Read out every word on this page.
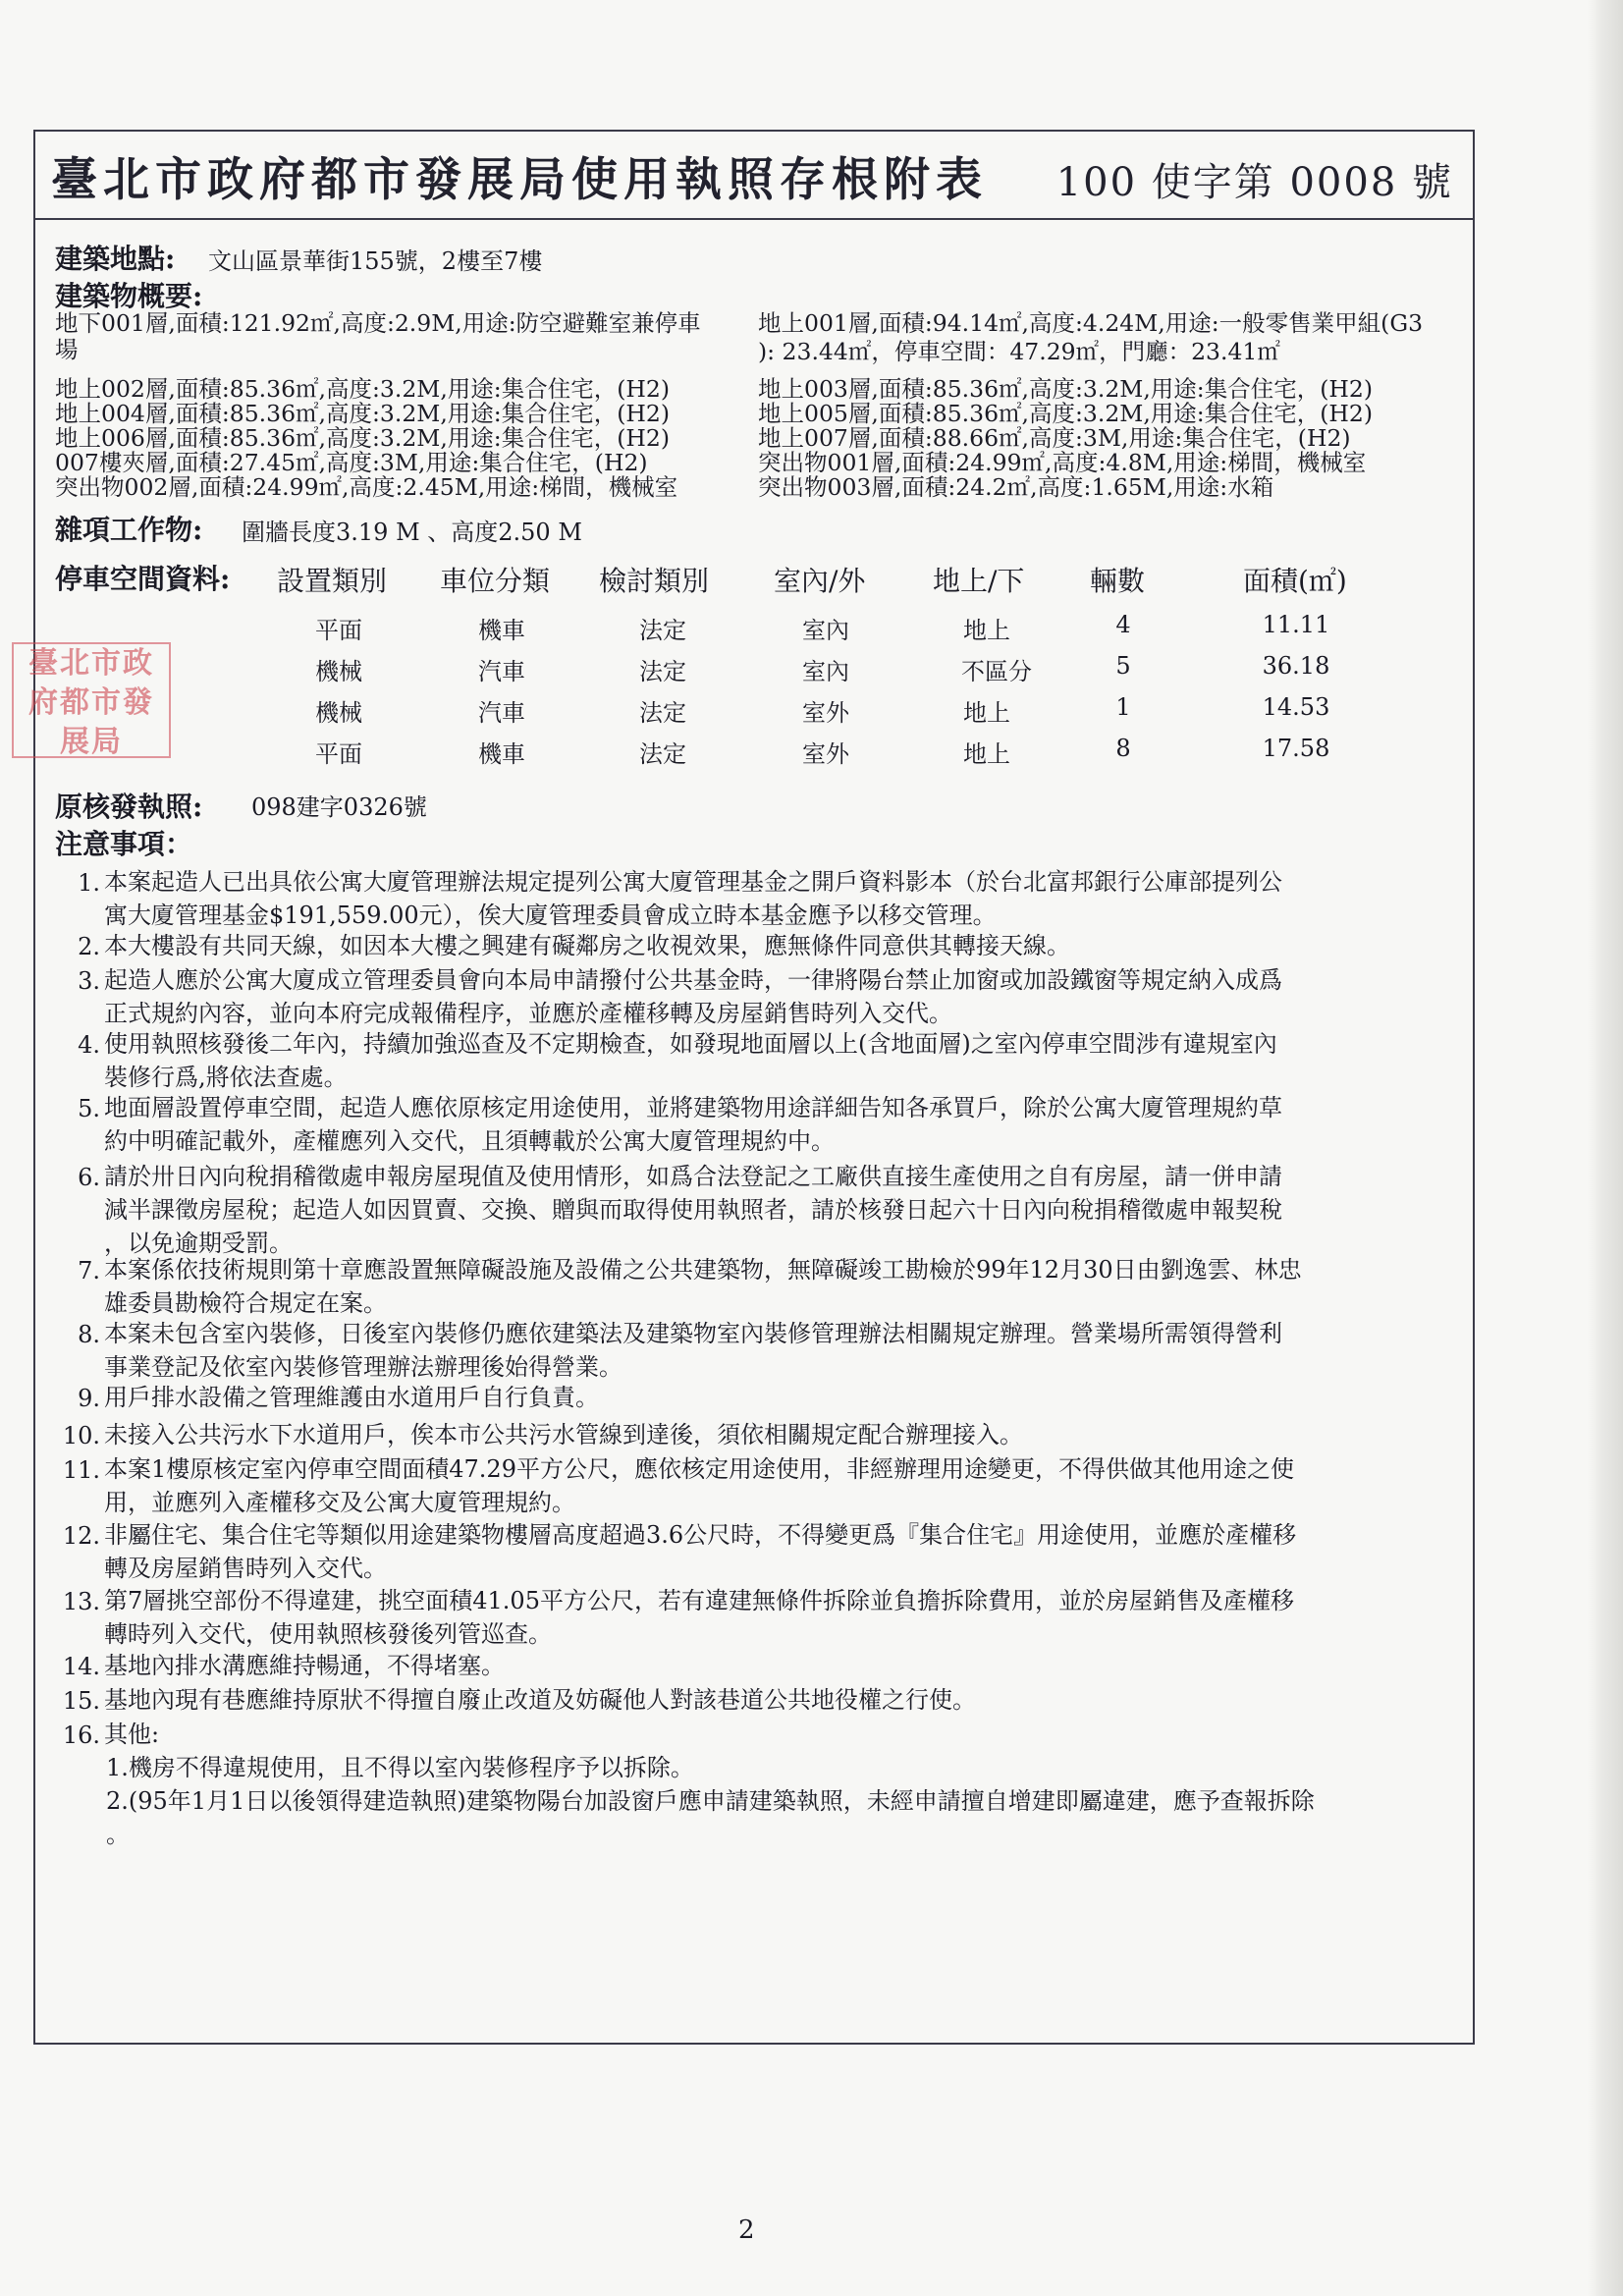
臺北市政府都市發展局使用執照存根附表 100 使字第 0008 號
建築地點: 文山區景華街155號，2樓至7樓
建築物概要:
地下001層,面積:121.92㎡,高度:2.9M,用途:防空避難室兼停車
場
地上002層,面積:85.36㎡,高度:3.2M,用途:集合住宅，(H2)
地上004層,面積:85.36㎡,高度:3.2M,用途:集合住宅，(H2)
地上006層,面積:85.36㎡,高度:3.2M,用途:集合住宅，(H2)
007樓夾層,面積:27.45㎡,高度:3M,用途:集合住宅，(H2)
突出物002層,面積:24.99㎡,高度:2.45M,用途:梯間，機械室
地上001層,面積:94.14㎡,高度:4.24M,用途:一般零售業甲組(G3
): 23.44㎡，停車空間：47.29㎡，門廳：23.41㎡
地上003層,面積:85.36㎡,高度:3.2M,用途:集合住宅，(H2)
地上005層,面積:85.36㎡,高度:3.2M,用途:集合住宅，(H2)
地上007層,面積:88.66㎡,高度:3M,用途:集合住宅，(H2)
突出物001層,面積:24.99㎡,高度:4.8M,用途:梯間，機械室
突出物003層,面積:24.2㎡,高度:1.65M,用途:水箱
雜項工作物: 圍牆長度3.19 M 、高度2.50 M
停車空間資料: 設置類別 車位分類 檢討類別 室內/外 地上/下 輛數	面積(㎡)
平面	機車	法定	室內	地上	4	11.11
機械	汽車	法定	室內	不區分	5	36.18
機械	汽車	法定	室外	地上	1	14.53
平面	機車	法定	室外	地上	8	17.58
臺北市政府都市發展局
原核發執照: 098建字0326號
注意事項：
1. 本案起造人已出具依公寓大廈管理辦法規定提列公寓大廈管理基金之開戶資料影本（於台北富邦銀行公庫部提列公
寓大廈管理基金$191,559.00元），俟大廈管理委員會成立時本基金應予以移交管理。
2. 本大樓設有共同天線，如因本大樓之興建有礙鄰房之收視效果，應無條件同意供其轉接天線。
3. 起造人應於公寓大廈成立管理委員會向本局申請撥付公共基金時，一律將陽台禁止加窗或加設鐵窗等規定納入成爲
正式規約內容，並向本府完成報備程序，並應於產權移轉及房屋銷售時列入交代。
4. 使用執照核發後二年內，持續加強巡查及不定期檢查，如發現地面層以上(含地面層)之室內停車空間涉有違規室內
裝修行爲,將依法查處。
5. 地面層設置停車空間，起造人應依原核定用途使用，並將建築物用途詳細告知各承買戶，除於公寓大廈管理規約草
約中明確記載外，產權應列入交代，且須轉載於公寓大廈管理規約中。
6. 請於卅日內向稅捐稽徵處申報房屋現值及使用情形，如爲合法登記之工廠供直接生產使用之自有房屋，請一併申請
減半課徵房屋稅；起造人如因買賣、交換、贈與而取得使用執照者，請於核發日起六十日內向稅捐稽徵處申報契稅
，以免逾期受罰。
7. 本案係依技術規則第十章應設置無障礙設施及設備之公共建築物，無障礙竣工勘檢於99年12月30日由劉逸雲、林忠
雄委員勘檢符合規定在案。
8. 本案未包含室內裝修，日後室內裝修仍應依建築法及建築物室內裝修管理辦法相關規定辦理。營業場所需領得營利
事業登記及依室內裝修管理辦法辦理後始得營業。
9. 用戶排水設備之管理維護由水道用戶自行負責。
10. 未接入公共污水下水道用戶，俟本市公共污水管線到達後，須依相關規定配合辦理接入。
11. 本案1樓原核定室內停車空間面積47.29平方公尺，應依核定用途使用，非經辦理用途變更，不得供做其他用途之使
用，並應列入產權移交及公寓大廈管理規約。
12. 非屬住宅、集合住宅等類似用途建築物樓層高度超過3.6公尺時，不得變更爲『集合住宅』用途使用，並應於產權移
轉及房屋銷售時列入交代。
13. 第7層挑空部份不得違建，挑空面積41.05平方公尺，若有違建無條件拆除並負擔拆除費用，並於房屋銷售及產權移
轉時列入交代，使用執照核發後列管巡查。
14. 基地內排水溝應維持暢通，不得堵塞。
15. 基地內現有巷應維持原狀不得擅自廢止改道及妨礙他人對該巷道公共地役權之行使。
16. 其他:
1.機房不得違規使用，且不得以室內裝修程序予以拆除。
2.(95年1月1日以後領得建造執照)建築物陽台加設窗戶應申請建築執照，未經申請擅自增建即屬違建，應予查報拆除
。
2
